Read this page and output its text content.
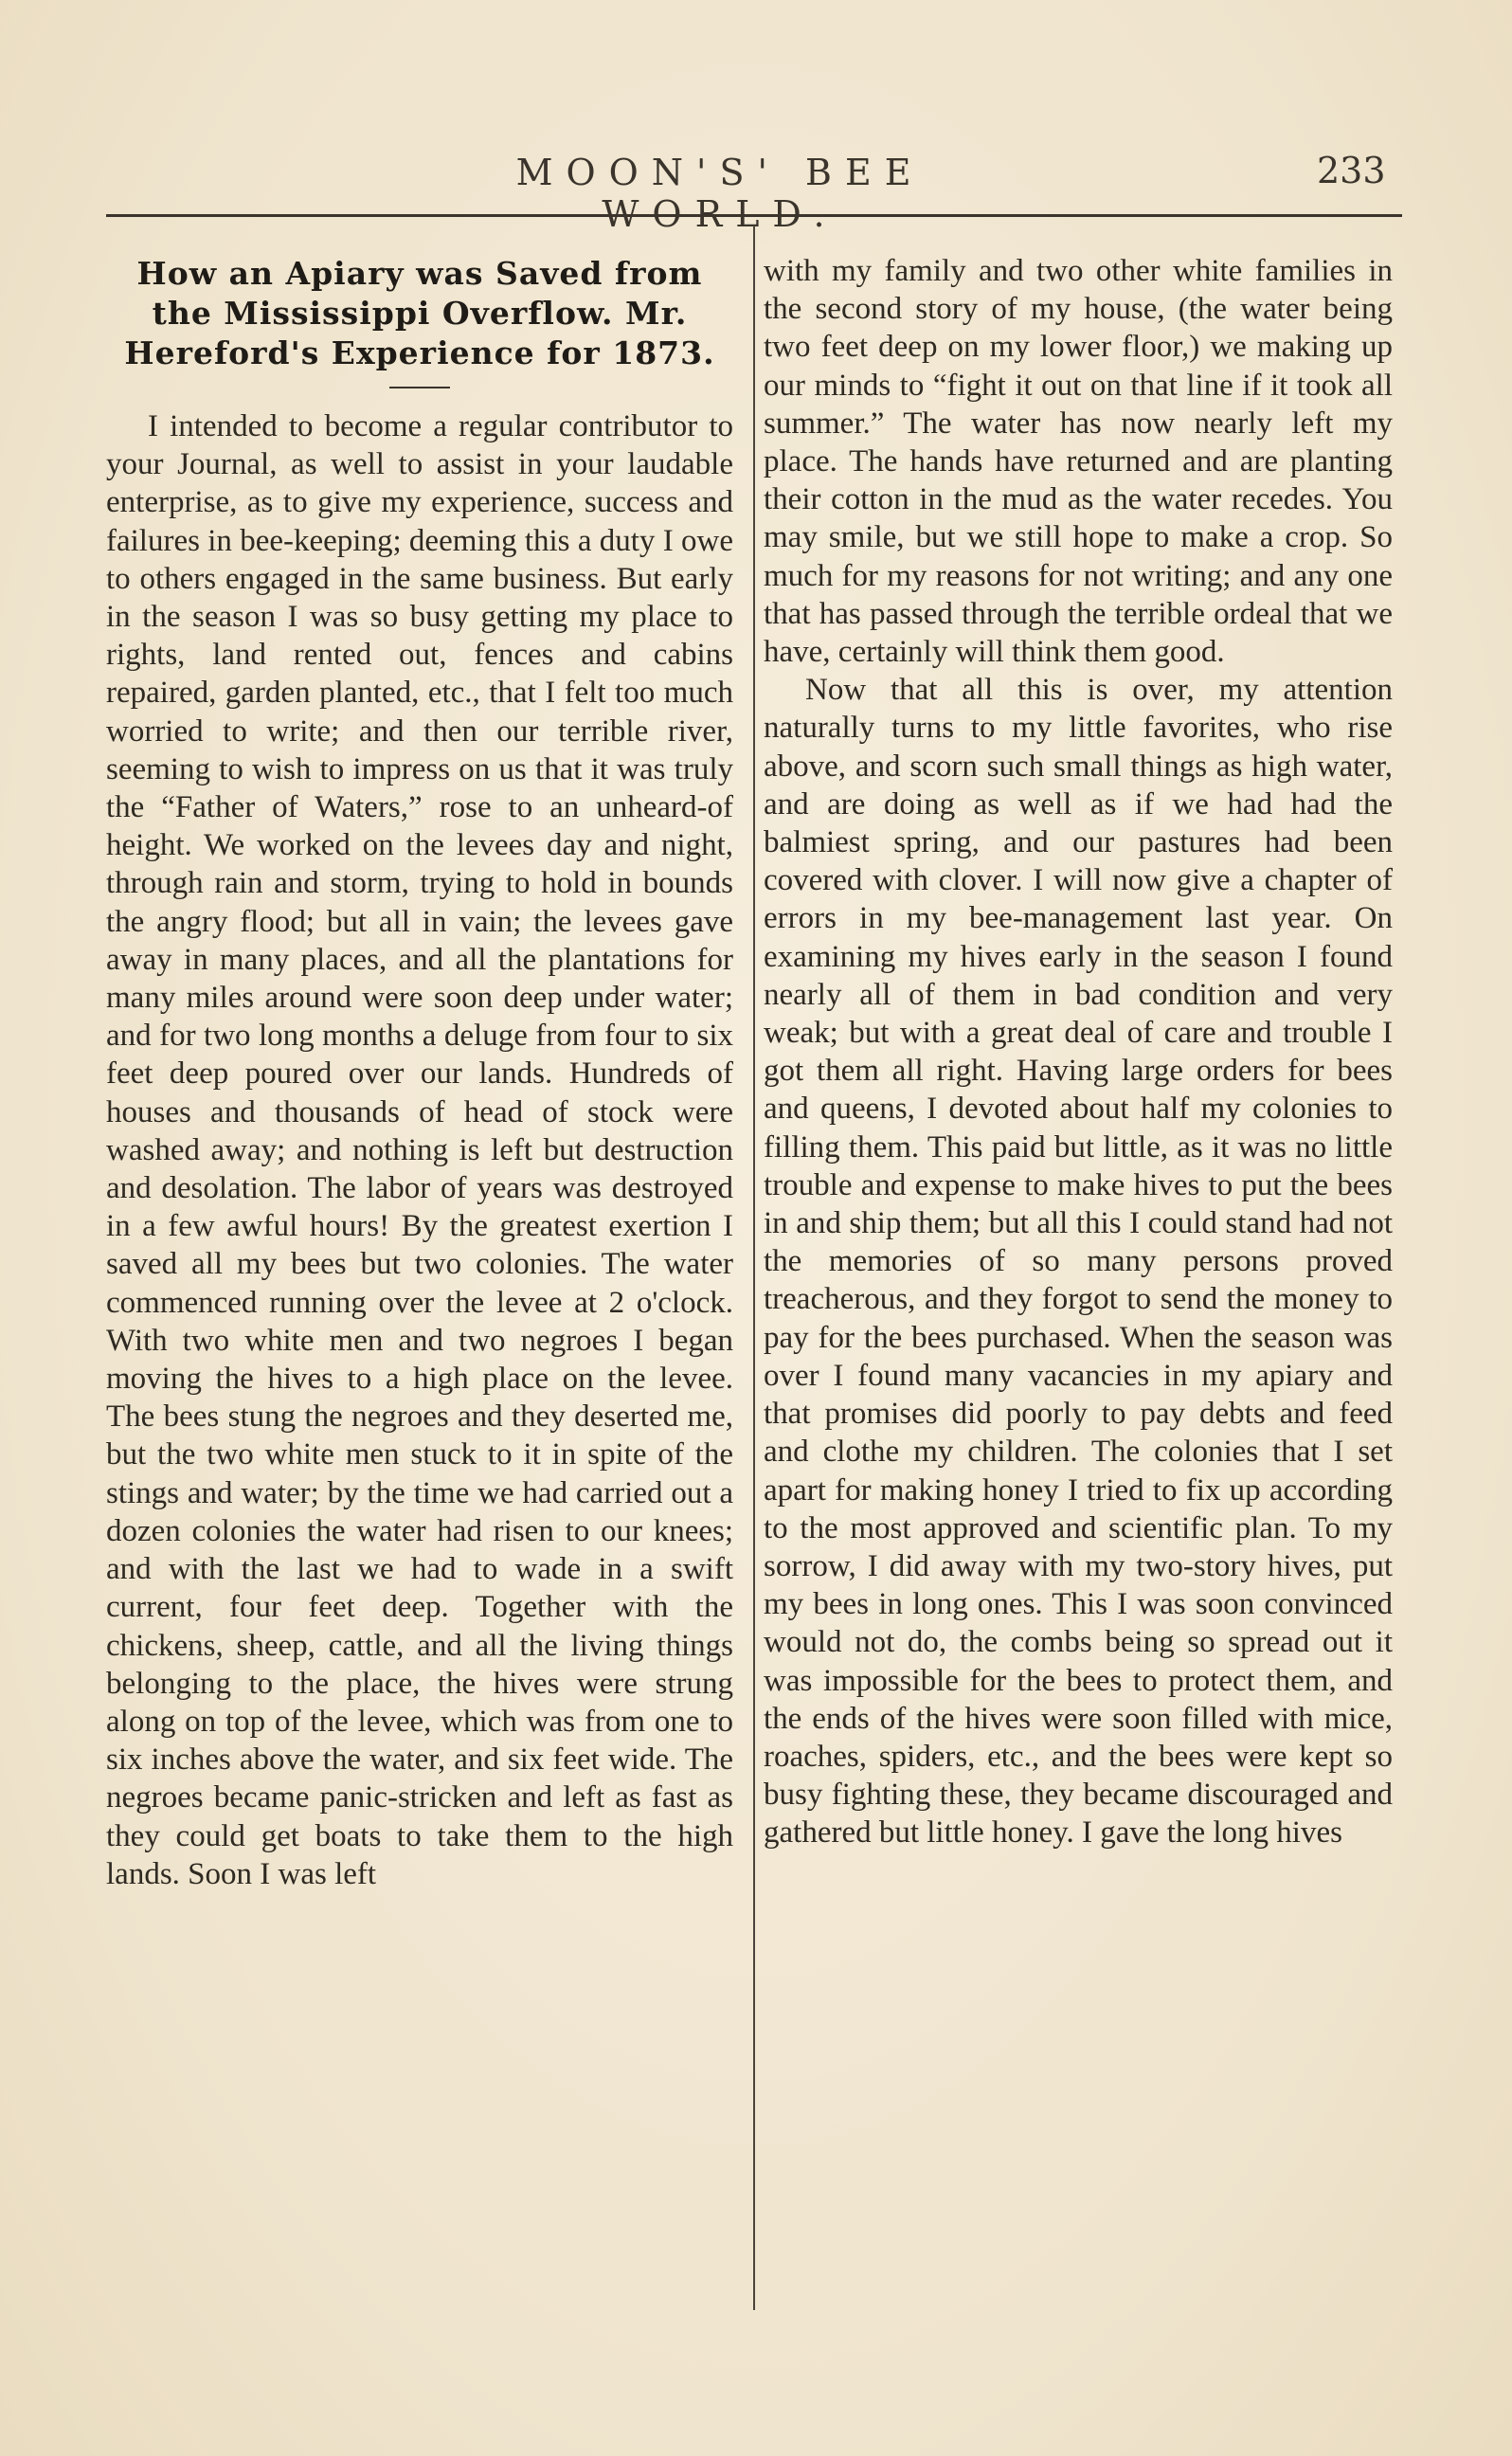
MOON'S' BEE WORLD.
233
How an Apiary was Saved from the Mississippi Overflow. Mr. Hereford's Experience for 1873.

I intended to become a regular contributor to your Journal, as well to assist in your laudable enterprise, as to give my experience, success and failures in bee-keeping; deeming this a duty I owe to others engaged in the same business. But early in the season I was so busy getting my place to rights, land rented out, fences and cabins repaired, garden planted, etc., that I felt too much worried to write; and then our terrible river, seeming to wish to impress on us that it was truly the “Father of Waters,” rose to an unheard-of height. We worked on the levees day and night, through rain and storm, trying to hold in bounds the angry flood; but all in vain; the levees gave away in many places, and all the plantations for many miles around were soon deep under water; and for two long months a deluge from four to six feet deep poured over our lands. Hundreds of houses and thousands of head of stock were washed away; and nothing is left but destruction and desolation. The labor of years was destroyed in a few awful hours! By the greatest exertion I saved all my bees but two colonies. The water commenced running over the levee at 2 o'clock. With two white men and two negroes I began moving the hives to a high place on the levee. The bees stung the negroes and they deserted me, but the two white men stuck to it in spite of the stings and water; by the time we had carried out a dozen colonies the water had risen to our knees; and with the last we had to wade in a swift current, four feet deep. Together with the chickens, sheep, cattle, and all the living things belonging to the place, the hives were strung along on top of the levee, which was from one to six inches above the water, and six feet wide. The negroes became panic-stricken and left as fast as they could get boats to take them to the high lands. Soon I was left

with my family and two other white families in the second story of my house, (the water being two feet deep on my lower floor,) we making up our minds to “fight it out on that line if it took all summer.” The water has now nearly left my place. The hands have returned and are planting their cotton in the mud as the water recedes. You may smile, but we still hope to make a crop. So much for my reasons for not writing; and any one that has passed through the terrible ordeal that we have, certainly will think them good.

Now that all this is over, my attention naturally turns to my little favorites, who rise above, and scorn such small things as high water, and are doing as well as if we had had the balmiest spring, and our pastures had been covered with clover. I will now give a chapter of errors in my bee-management last year. On examining my hives early in the season I found nearly all of them in bad condition and very weak; but with a great deal of care and trouble I got them all right. Having large orders for bees and queens, I devoted about half my colonies to filling them. This paid but little, as it was no little trouble and expense to make hives to put the bees in and ship them; but all this I could stand had not the memories of so many persons proved treacherous, and they forgot to send the money to pay for the bees purchased. When the season was over I found many vacancies in my apiary and that promises did poorly to pay debts and feed and clothe my children. The colonies that I set apart for making honey I tried to fix up according to the most approved and scientific plan. To my sorrow, I did away with my two-story hives, put my bees in long ones. This I was soon convinced would not do, the combs being so spread out it was impossible for the bees to protect them, and the ends of the hives were soon filled with mice, roaches, spiders, etc., and the bees were kept so busy fighting these, they became discouraged and gathered but little honey. I gave the long hives
